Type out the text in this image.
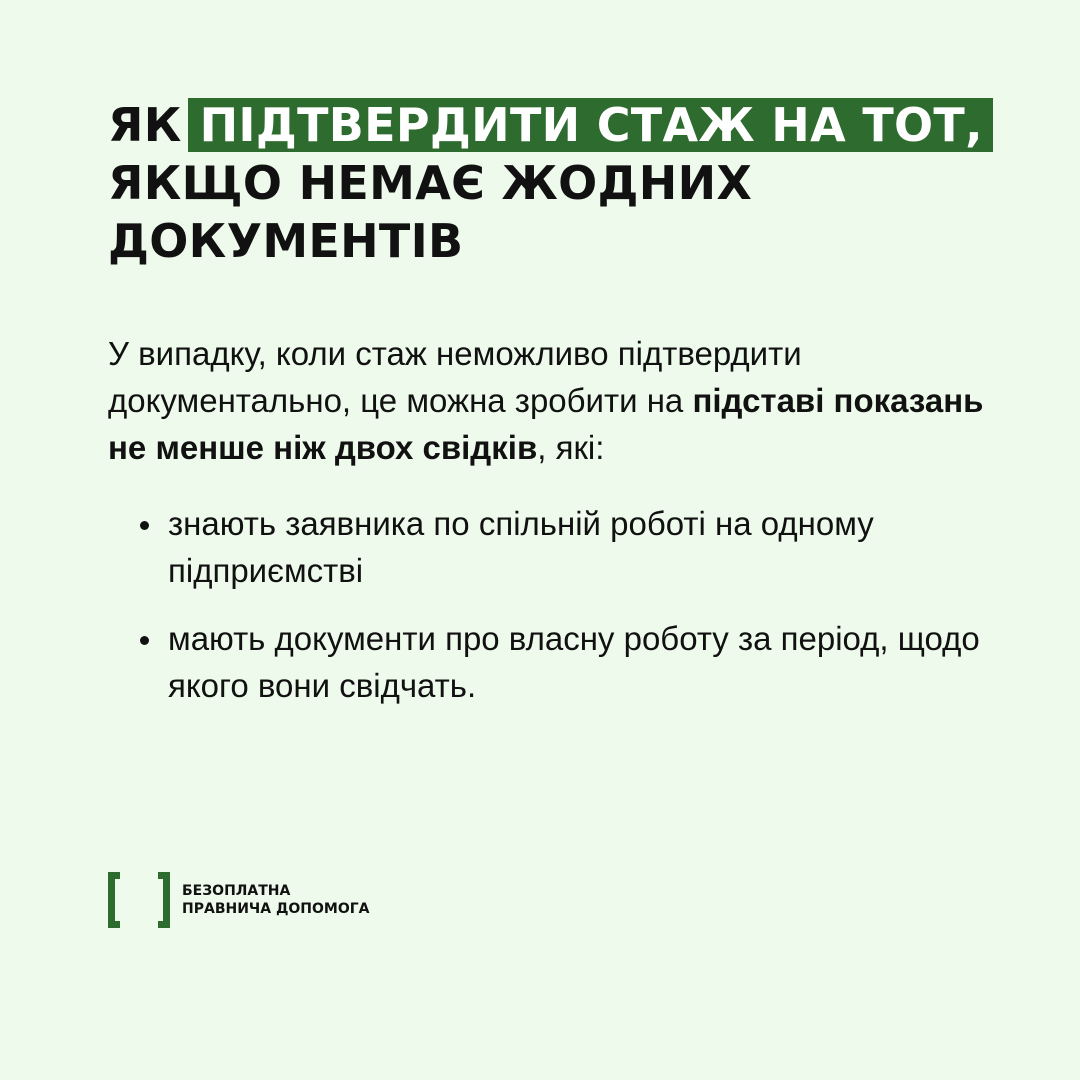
ЯК ПІДТВЕРДИТИ СТАЖ НА ТОТ,
ЯКЩО НЕМАЄ ЖОДНИХ
ДОКУМЕНТІВ

У випадку, коли стаж неможливо підтвердити документально, це можна зробити на підставі показань не менше ніж двох свідків, які:

знають заявника по спільній роботі на одному підприємстві
мають документи про власну роботу за період, щодо якого вони свідчать.
БЕЗОПЛАТНА
ПРАВНИЧА ДОПОМОГА
